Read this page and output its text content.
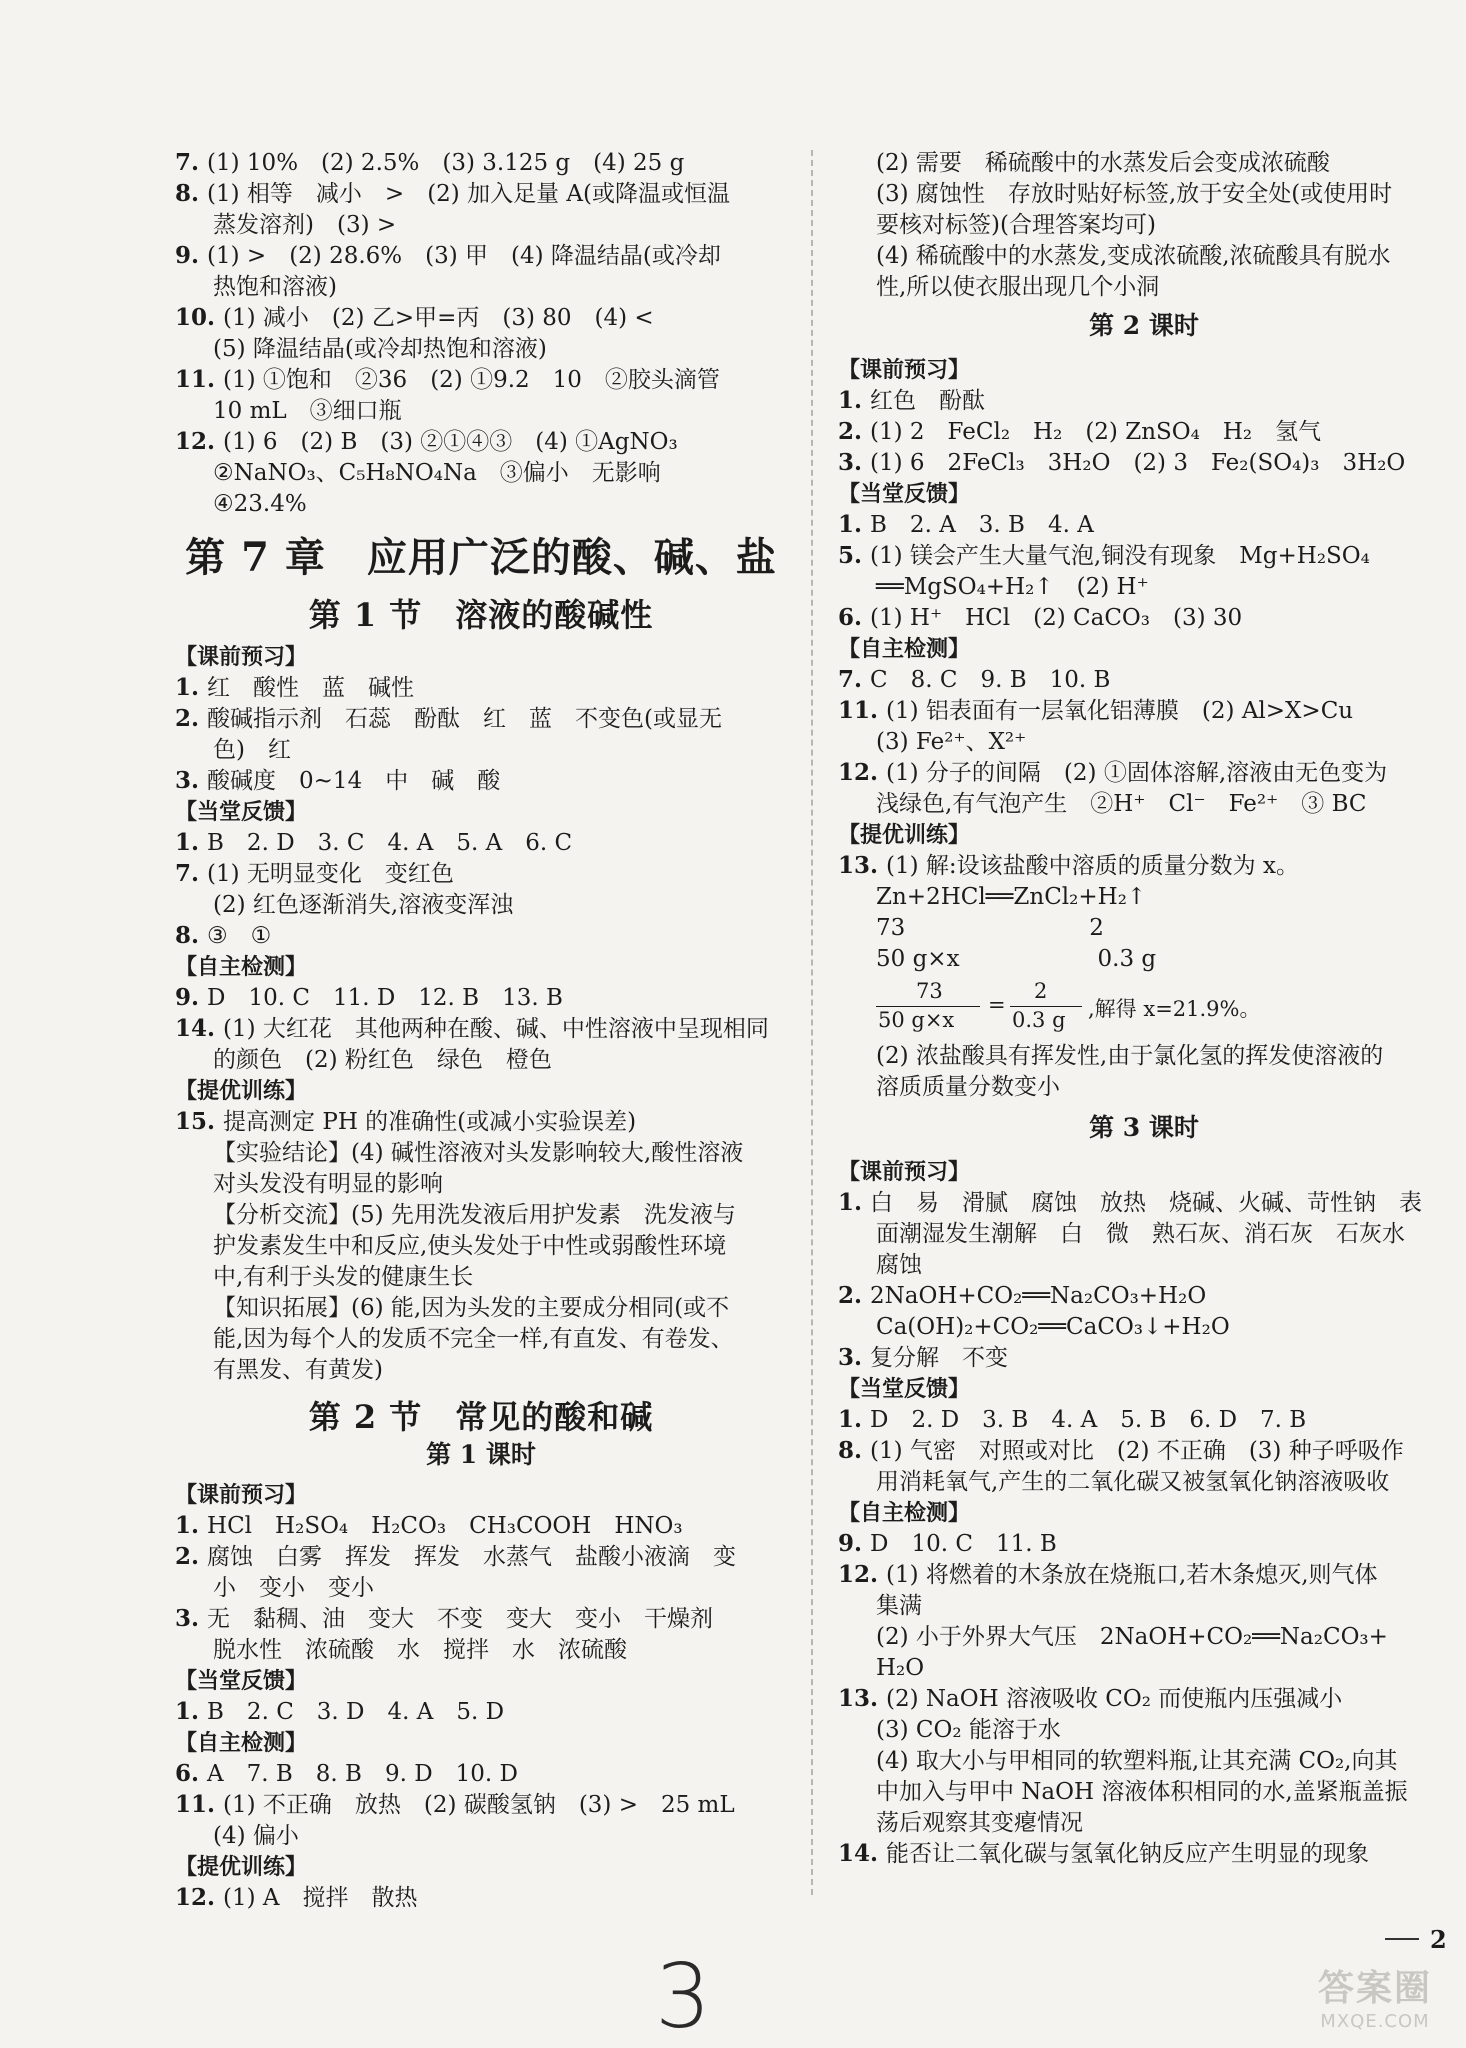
7. (1) 10%　(2) 2.5%　(3) 3.125 g　(4) 25 g
8. (1) 相等　减小　>　(2) 加入足量 A(或降温或恒温
蒸发溶剂)　(3) >
9. (1) >　(2) 28.6%　(3) 甲　(4) 降温结晶(或冷却
热饱和溶液)
10. (1) 减小　(2) 乙>甲=丙　(3) 80　(4) <
(5) 降温结晶(或冷却热饱和溶液)
11. (1) ①饱和　②36　(2) ①9.2　10　②胶头滴管
10 mL　③细口瓶
12. (1) 6　(2) B　(3) ②①④③　(4) ①AgNO₃
②NaNO₃、C₅H₈NO₄Na　③偏小　无影响
④23.4%
第 7 章　应用广泛的酸、碱、盐
第 1 节　溶液的酸碱性
【课前预习】
1. 红　酸性　蓝　碱性
2. 酸碱指示剂　石蕊　酚酞　红　蓝　不变色(或显无
色)　红
3. 酸碱度　0~14　中　碱　酸
【当堂反馈】
1. B　2. D　3. C　4. A　5. A　6. C
7. (1) 无明显变化　变红色
(2) 红色逐渐消失,溶液变浑浊
8. ③　①
【自主检测】
9. D　10. C　11. D　12. B　13. B
14. (1) 大红花　其他两种在酸、碱、中性溶液中呈现相同
的颜色　(2) 粉红色　绿色　橙色
【提优训练】
15. 提高测定 PH 的准确性(或减小实验误差)
【实验结论】(4) 碱性溶液对头发影响较大,酸性溶液
对头发没有明显的影响
【分析交流】(5) 先用洗发液后用护发素　洗发液与
护发素发生中和反应,使头发处于中性或弱酸性环境
中,有利于头发的健康生长
【知识拓展】(6) 能,因为头发的主要成分相同(或不
能,因为每个人的发质不完全一样,有直发、有卷发、
有黑发、有黄发)
第 2 节　常见的酸和碱
第 1 课时
【课前预习】
1. HCl　H₂SO₄　H₂CO₃　CH₃COOH　HNO₃
2. 腐蚀　白雾　挥发　挥发　水蒸气　盐酸小液滴　变
小　变小　变小
3. 无　黏稠、油　变大　不变　变大　变小　干燥剂
脱水性　浓硫酸　水　搅拌　水　浓硫酸
【当堂反馈】
1. B　2. C　3. D　4. A　5. D
【自主检测】
6. A　7. B　8. B　9. D　10. D
11. (1) 不正确　放热　(2) 碳酸氢钠　(3) >　25 mL
(4) 偏小
【提优训练】
12. (1) A　搅拌　散热
(2) 需要　稀硫酸中的水蒸发后会变成浓硫酸
(3) 腐蚀性　存放时贴好标签,放于安全处(或使用时
要核对标签)(合理答案均可)
(4) 稀硫酸中的水蒸发,变成浓硫酸,浓硫酸具有脱水
性,所以使衣服出现几个小洞
第 2 课时
【课前预习】
1. 红色　酚酞
2. (1) 2　FeCl₂　H₂　(2) ZnSO₄　H₂　氢气
3. (1) 6　2FeCl₃　3H₂O　(2) 3　Fe₂(SO₄)₃　3H₂O
【当堂反馈】
1. B　2. A　3. B　4. A
5. (1) 镁会产生大量气泡,铜没有现象　Mg+H₂SO₄
══MgSO₄+H₂↑　(2) H⁺
6. (1) H⁺　HCl　(2) CaCO₃　(3) 30
【自主检测】
7. C　8. C　9. B　10. B
11. (1) 铝表面有一层氧化铝薄膜　(2) Al>X>Cu
(3) Fe²⁺、X²⁺
12. (1) 分子的间隔　(2) ①固体溶解,溶液由无色变为
浅绿色,有气泡产生　②H⁺　Cl⁻　Fe²⁺　③ BC
【提优训练】
13. (1) 解:设该盐酸中溶质的质量分数为 x。
Zn+2HCl══ZnCl₂+H₂↑
73　　　　　　　　2
50 g×x　　　　　　0.3 g
73
50 g×x
=
2
0.3 g ,解得 x=21.9%。
(2) 浓盐酸具有挥发性,由于氯化氢的挥发使溶液的
溶质质量分数变小
第 3 课时
【课前预习】
1. 白　易　滑腻　腐蚀　放热　烧碱、火碱、苛性钠　表
面潮湿发生潮解　白　微　熟石灰、消石灰　石灰水
腐蚀
2. 2NaOH+CO₂══Na₂CO₃+H₂O
Ca(OH)₂+CO₂══CaCO₃↓+H₂O
3. 复分解　不变
【当堂反馈】
1. D　2. D　3. B　4. A　5. B　6. D　7. B
8. (1) 气密　对照或对比　(2) 不正确　(3) 种子呼吸作
用消耗氧气,产生的二氧化碳又被氢氧化钠溶液吸收
【自主检测】
9. D　10. C　11. B
12. (1) 将燃着的木条放在烧瓶口,若木条熄灭,则气体
集满
(2) 小于外界大气压　2NaOH+CO₂══Na₂CO₃+
H₂O
13. (2) NaOH 溶液吸收 CO₂ 而使瓶内压强减小
(3) CO₂ 能溶于水
(4) 取大小与甲相同的软塑料瓶,让其充满 CO₂,向其
中加入与甲中 NaOH 溶液体积相同的水,盖紧瓶盖振
荡后观察其变瘪情况
14. 能否让二氧化碳与氢氧化钠反应产生明显的现象
2
3	答案圈
MXQE.COM
